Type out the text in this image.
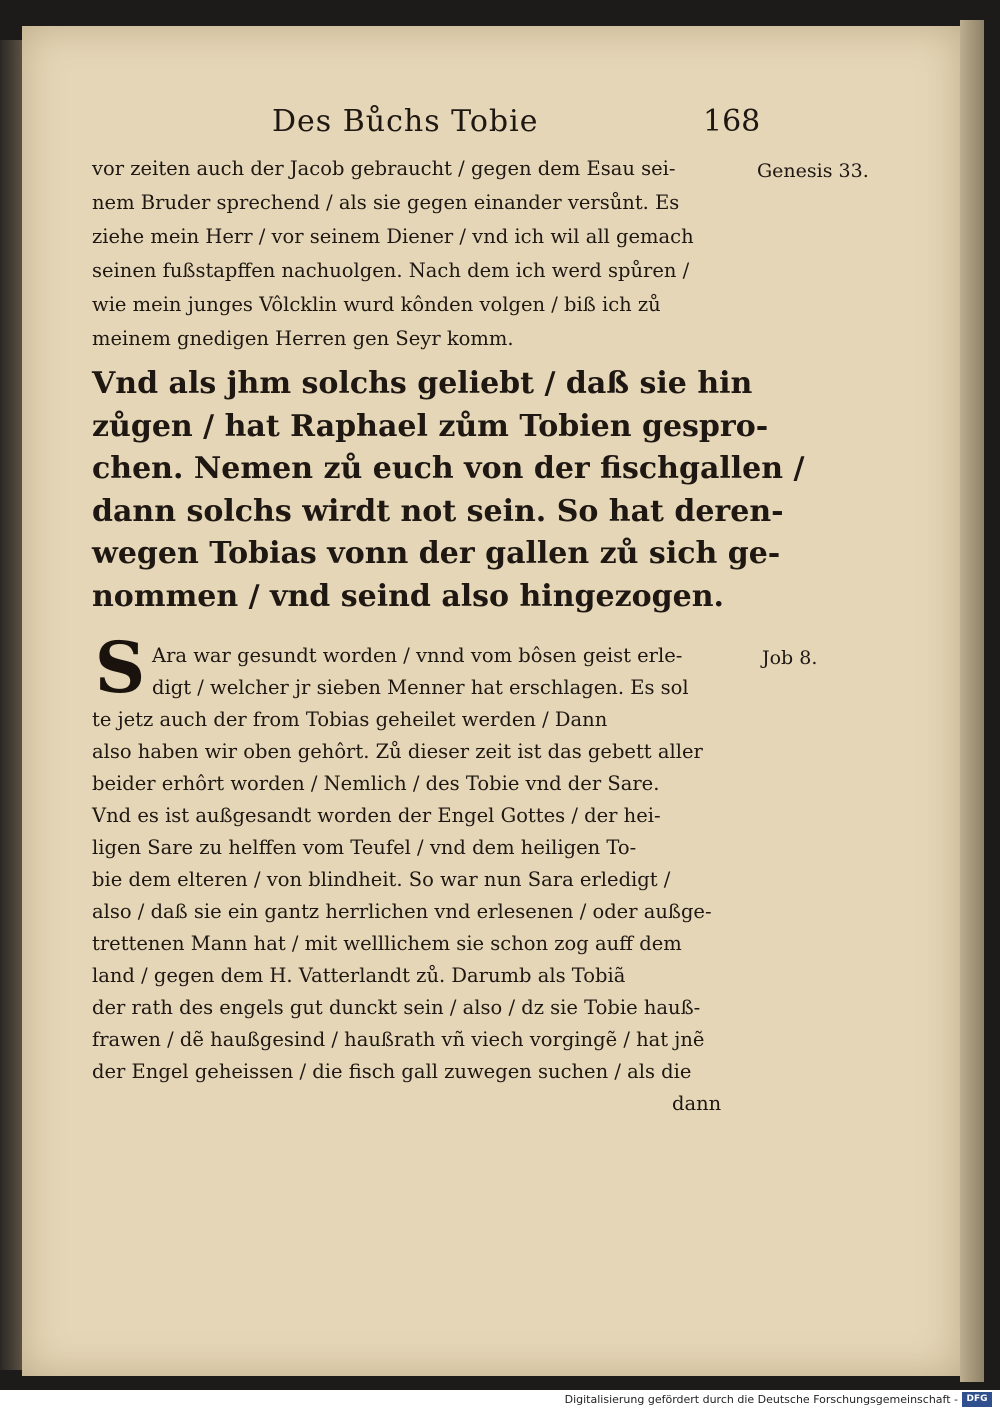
Des Bůchs Tobie	168
vor zeiten auch der Jacob gebraucht / gegen dem Esau sei-
nem Bruder sprechend / als sie gegen einander versůnt. Es
ziehe mein Herr / vor seinem Diener / vnd ich wil all gemach
seinen fußstapffen nachuolgen. Nach dem ich werd spůren /
wie mein junges Vôlcklin wurd kônden volgen / biß ich zů
meinem gnedigen Herren gen Seyr komm.
Vnd als jhm solchs geliebt / daß sie hin
zůgen / hat Raphael zům Tobien gespro-
chen. Nemen zů euch von der fischgallen /
dann solchs wirdt not sein. So hat deren-
wegen Tobias vonn der gallen zů sich ge-
nommen / vnd seind also hingezogen.
S Ara war gesundt worden / vnnd vom bôsen geist erle-
digt / welcher jr sieben Menner hat erschlagen. Es sol
te jetz auch der from Tobias geheilet werden / Dann
also haben wir oben gehôrt. Zů dieser zeit ist das gebett aller
beider erhôrt worden / Nemlich / des Tobie vnd der Sare.
Vnd es ist außgesandt worden der Engel Gottes / der hei-
ligen Sare zu helffen vom Teufel / vnd dem heiligen To-
bie dem elteren / von blindheit. So war nun Sara erledigt /
also / daß sie ein gantz herrlichen vnd erlesenen / oder außge-
trettenen Mann hat / mit welllichem sie schon zog auff dem
land / gegen dem H. Vatterlandt zů. Darumb als Tobiã
der rath des engels gut dunckt sein / also / dz sie Tobie hauß-
frawen / dẽ haußgesind / haußrath vñ viech vorgingẽ / hat jnẽ
der Engel geheissen / die fisch gall zuwegen suchen / als die
dann
Genesis 33.
Job 8.
Digitalisierung gefördert durch die Deutsche Forschungsgemeinschaft - DFG
